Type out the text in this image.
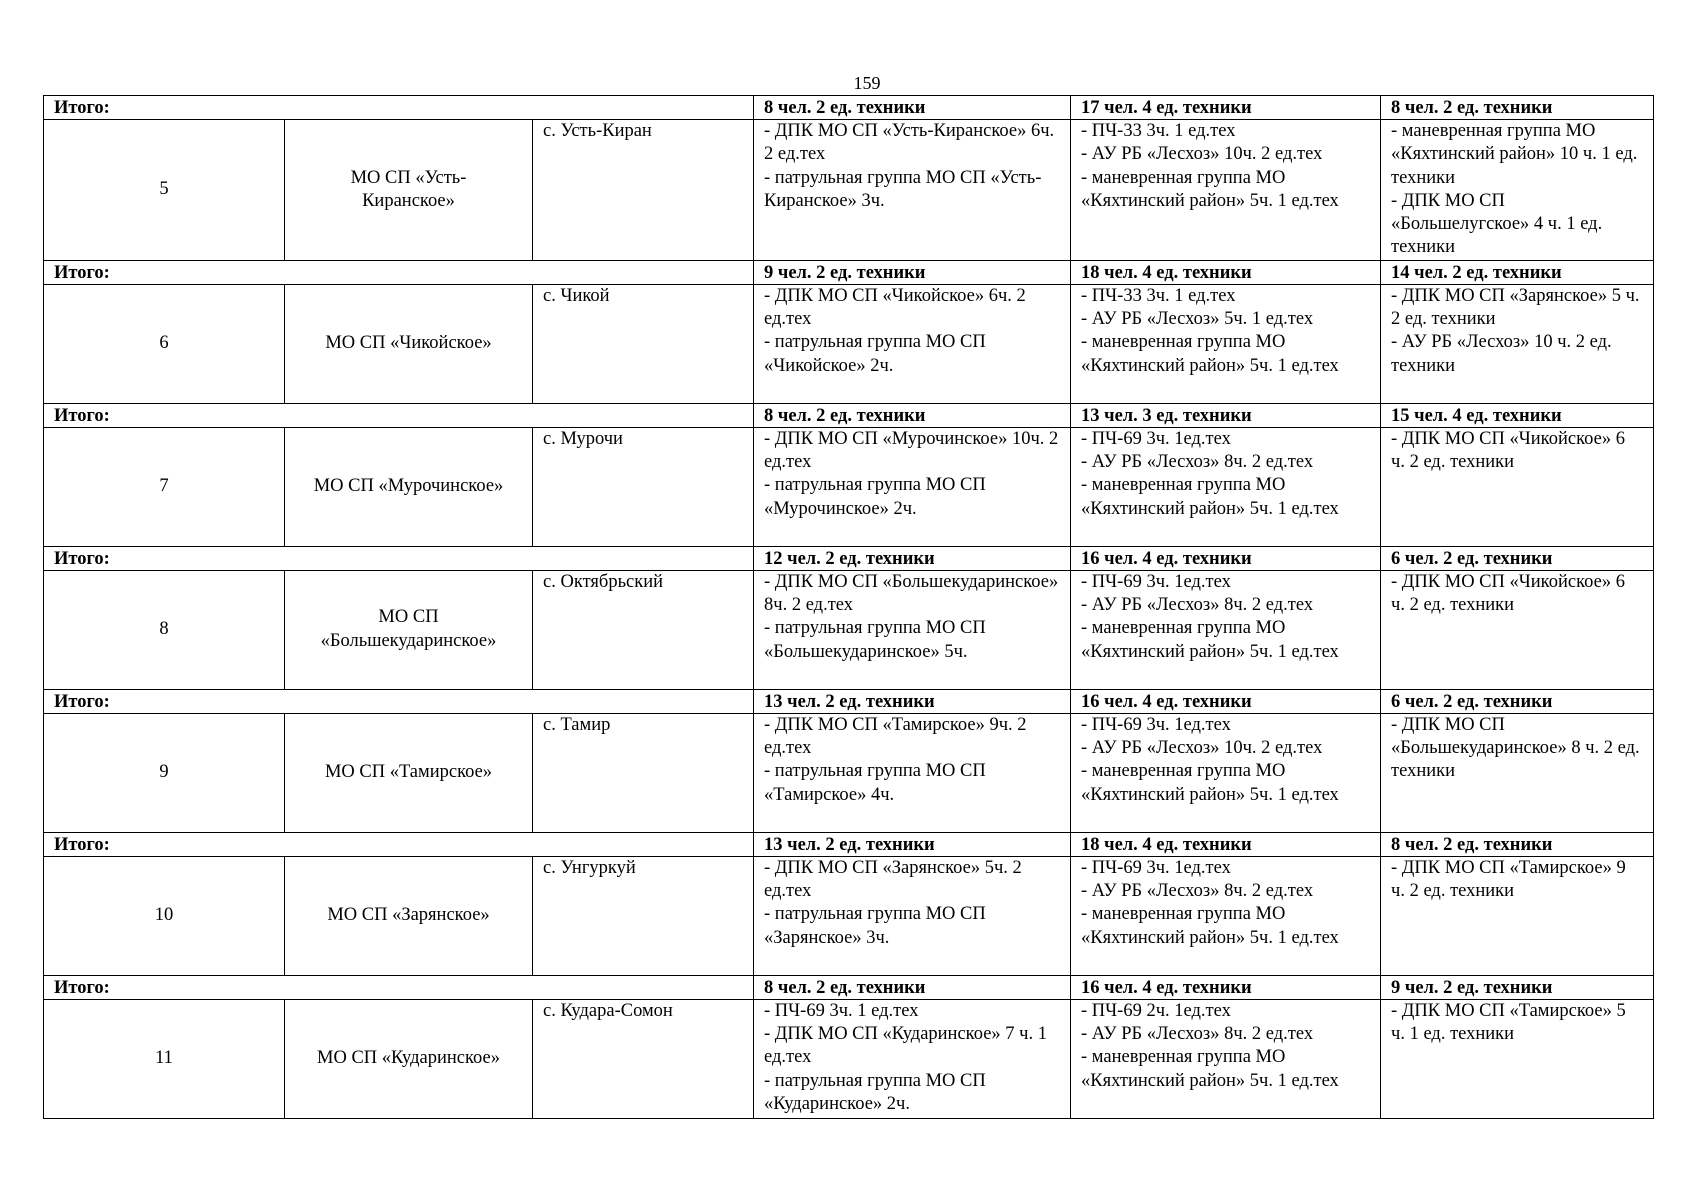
159
Итого:			8 чел. 2 ед. техники	17 чел. 4 ед. техники	8 чел. 2 ед. техники
5	МО СП «Усть-
Киранское»	с. Усть-Киран	- ДПК МО СП «Усть-Киранское» 6ч. 2 ед.тех
- патрульная группа МО СП «Усть-Киранское» 3ч.	- ПЧ-33 3ч. 1 ед.тех
- АУ РБ «Лесхоз» 10ч. 2 ед.тех
- маневренная группа МО «Кяхтинский район» 5ч. 1 ед.тех	- маневренная группа МО «Кяхтинский район» 10 ч. 1 ед. техники
- ДПК МО СП «Большелугское» 4 ч. 1 ед. техники
Итого:			9 чел. 2 ед. техники	18 чел. 4 ед. техники	14 чел. 2 ед. техники
6	МО СП «Чикойское»	с. Чикой	- ДПК МО СП «Чикойское» 6ч. 2 ед.тех
- патрульная группа МО СП «Чикойское» 2ч.	- ПЧ-33 3ч. 1 ед.тех
- АУ РБ «Лесхоз» 5ч. 1 ед.тех
- маневренная группа МО «Кяхтинский район» 5ч. 1 ед.тех	- ДПК МО СП «Зарянское» 5 ч. 2 ед. техники
- АУ РБ «Лесхоз» 10 ч. 2 ед. техники
Итого:			8 чел. 2 ед. техники	13 чел. 3 ед. техники	15 чел. 4 ед. техники
7	МО СП «Мурочинское»	с. Мурочи	- ДПК МО СП «Мурочинское» 10ч. 2 ед.тех
- патрульная группа МО СП «Мурочинское» 2ч.	- ПЧ-69 3ч. 1ед.тех
- АУ РБ «Лесхоз» 8ч. 2 ед.тех
- маневренная группа МО «Кяхтинский район» 5ч. 1 ед.тех	- ДПК МО СП «Чикойское» 6 ч. 2 ед. техники
Итого:			12 чел. 2 ед. техники	16 чел. 4 ед. техники	6 чел. 2 ед. техники
8	МО СП
«Большекударинское»	с. Октябрьский	- ДПК МО СП «Большекударинское» 8ч. 2 ед.тех
- патрульная группа МО СП «Большекударинское» 5ч.	- ПЧ-69 3ч. 1ед.тех
- АУ РБ «Лесхоз» 8ч. 2 ед.тех
- маневренная группа МО «Кяхтинский район» 5ч. 1 ед.тех	- ДПК МО СП «Чикойское» 6 ч. 2 ед. техники
Итого:			13 чел. 2 ед. техники	16 чел. 4 ед. техники	6 чел. 2 ед. техники
9	МО СП «Тамирское»	с. Тамир	- ДПК МО СП «Тамирское» 9ч. 2 ед.тех
- патрульная группа МО СП «Тамирское» 4ч.	- ПЧ-69 3ч. 1ед.тех
- АУ РБ «Лесхоз» 10ч. 2 ед.тех
- маневренная группа МО «Кяхтинский район» 5ч. 1 ед.тех	- ДПК МО СП «Большекударинское» 8 ч. 2 ед. техники
Итого:			13 чел. 2 ед. техники	18 чел. 4 ед. техники	8 чел. 2 ед. техники
10	МО СП «Зарянское»	с. Унгуркуй	- ДПК МО СП «Зарянское» 5ч. 2 ед.тех
- патрульная группа МО СП «Зарянское» 3ч.	- ПЧ-69 3ч. 1ед.тех
- АУ РБ «Лесхоз» 8ч. 2 ед.тех
- маневренная группа МО «Кяхтинский район» 5ч. 1 ед.тех	- ДПК МО СП «Тамирское» 9 ч. 2 ед. техники
Итого:			8 чел. 2 ед. техники	16 чел. 4 ед. техники	9 чел. 2 ед. техники
11	МО СП «Кударинское»	с. Кудара-Сомон	- ПЧ-69 3ч. 1 ед.тех
- ДПК МО СП «Кударинское» 7 ч. 1 ед.тех
- патрульная группа МО СП «Кударинское» 2ч.	- ПЧ-69 2ч. 1ед.тех
- АУ РБ «Лесхоз» 8ч. 2 ед.тех
- маневренная группа МО «Кяхтинский район» 5ч. 1 ед.тех	- ДПК МО СП «Тамирское» 5 ч. 1 ед. техники
